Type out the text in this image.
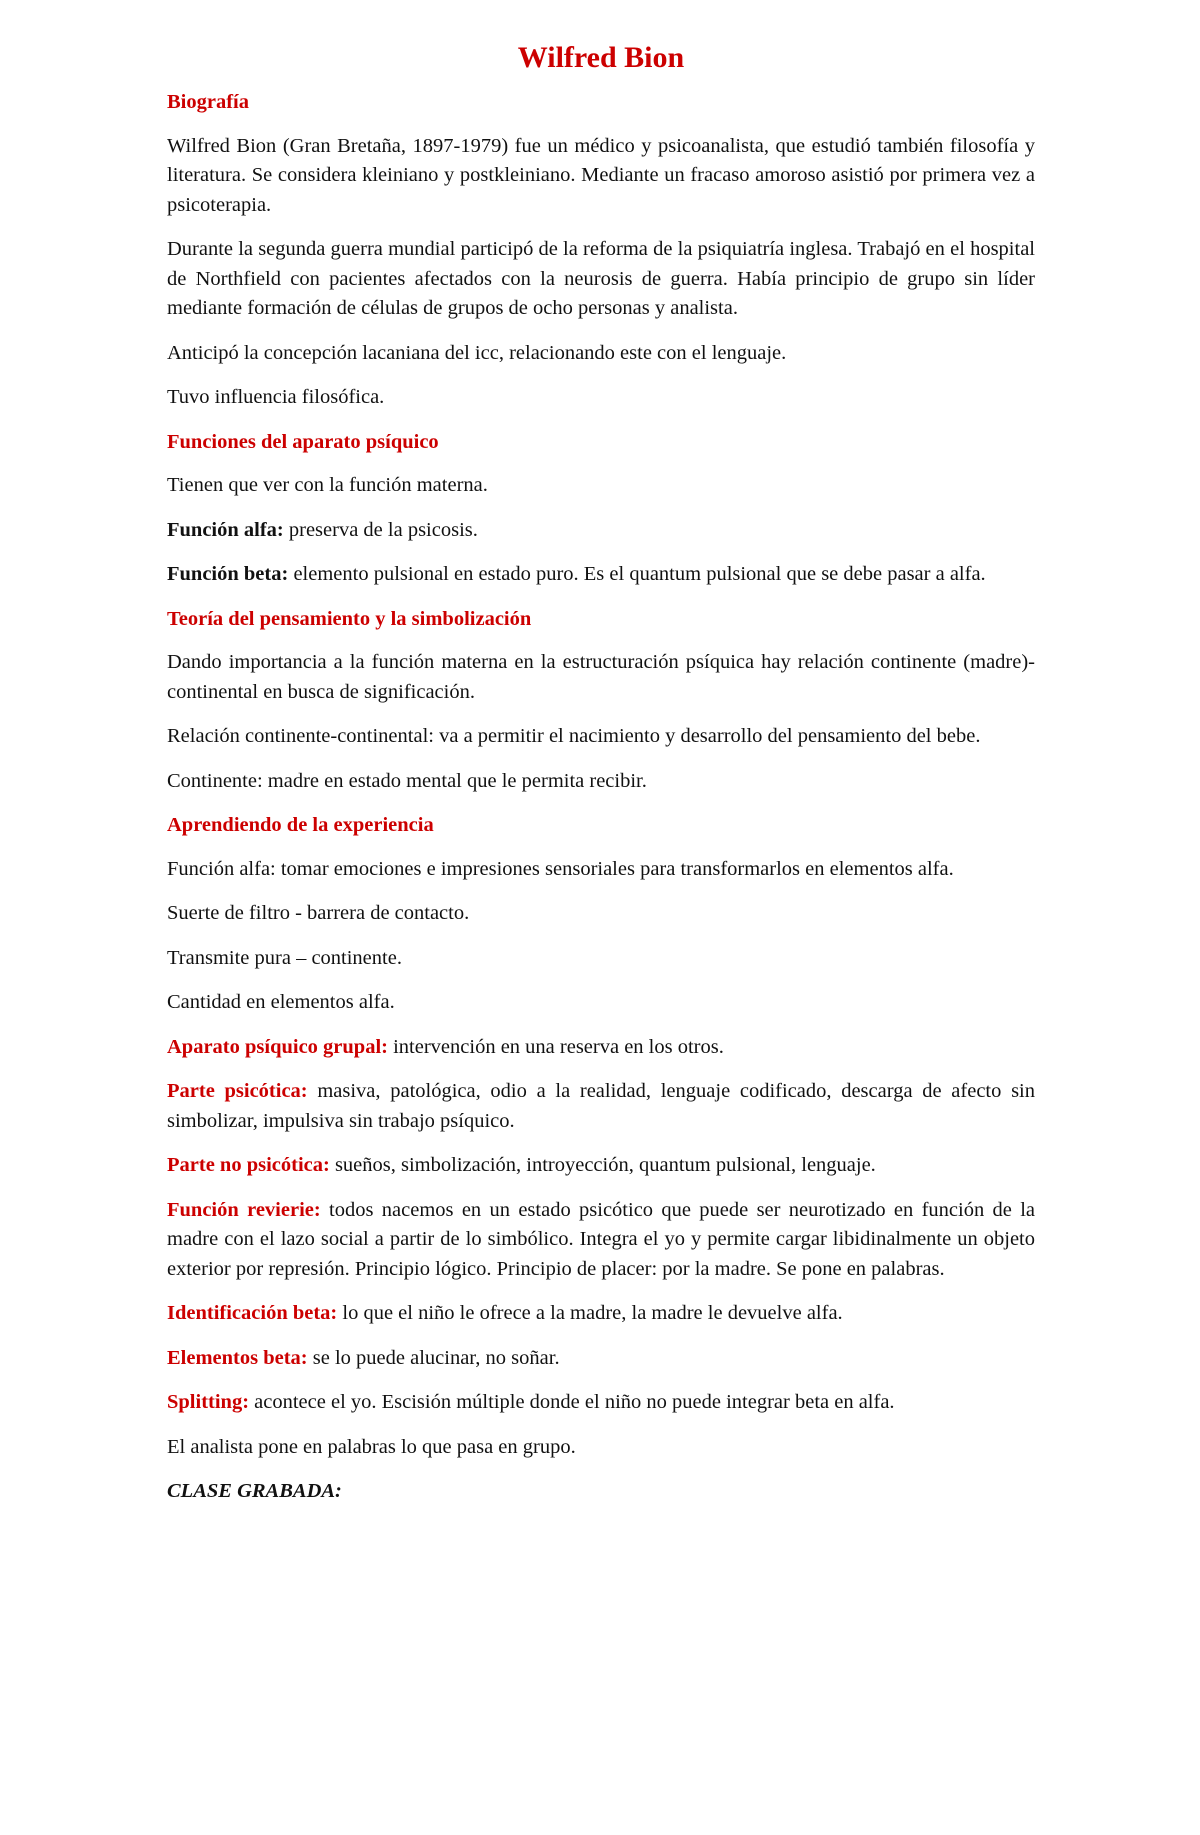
Wilfred Bion
Biografía

Wilfred Bion (Gran Bretaña, 1897-1979) fue un médico y psicoanalista, que estudió también filosofía y literatura. Se considera kleiniano y postkleiniano. Mediante un fracaso amoroso asistió por primera vez a psicoterapia.

Durante la segunda guerra mundial participó de la reforma de la psiquiatría inglesa. Trabajó en el hospital de Northfield con pacientes afectados con la neurosis de guerra. Había principio de grupo sin líder mediante formación de células de grupos de ocho personas y analista.

Anticipó la concepción lacaniana del icc, relacionando este con el lenguaje.

Tuvo influencia filosófica.

Funciones del aparato psíquico

Tienen que ver con la función materna.

Función alfa: preserva de la psicosis.

Función beta: elemento pulsional en estado puro. Es el quantum pulsional que se debe pasar a alfa.

Teoría del pensamiento y la simbolización

Dando importancia a la función materna en la estructuración psíquica hay relación continente (madre)-continental en busca de significación.

Relación continente-continental: va a permitir el nacimiento y desarrollo del pensamiento del bebe.

Continente: madre en estado mental que le permita recibir.

Aprendiendo de la experiencia

Función alfa: tomar emociones e impresiones sensoriales para transformarlos en elementos alfa.

Suerte de filtro - barrera de contacto.

Transmite pura – continente.

Cantidad en elementos alfa.

Aparato psíquico grupal: intervención en una reserva en los otros.

Parte psicótica: masiva, patológica, odio a la realidad, lenguaje codificado, descarga de afecto sin simbolizar, impulsiva sin trabajo psíquico.

Parte no psicótica: sueños, simbolización, introyección, quantum pulsional, lenguaje.

Función revierie: todos nacemos en un estado psicótico que puede ser neurotizado en función de la madre con el lazo social a partir de lo simbólico. Integra el yo y permite cargar libidinalmente un objeto exterior por represión. Principio lógico. Principio de placer: por la madre. Se pone en palabras.

Identificación beta: lo que el niño le ofrece a la madre, la madre le devuelve alfa.

Elementos beta: se lo puede alucinar, no soñar.

Splitting: acontece el yo. Escisión múltiple donde el niño no puede integrar beta en alfa.

El analista pone en palabras lo que pasa en grupo.

CLASE GRABADA:
